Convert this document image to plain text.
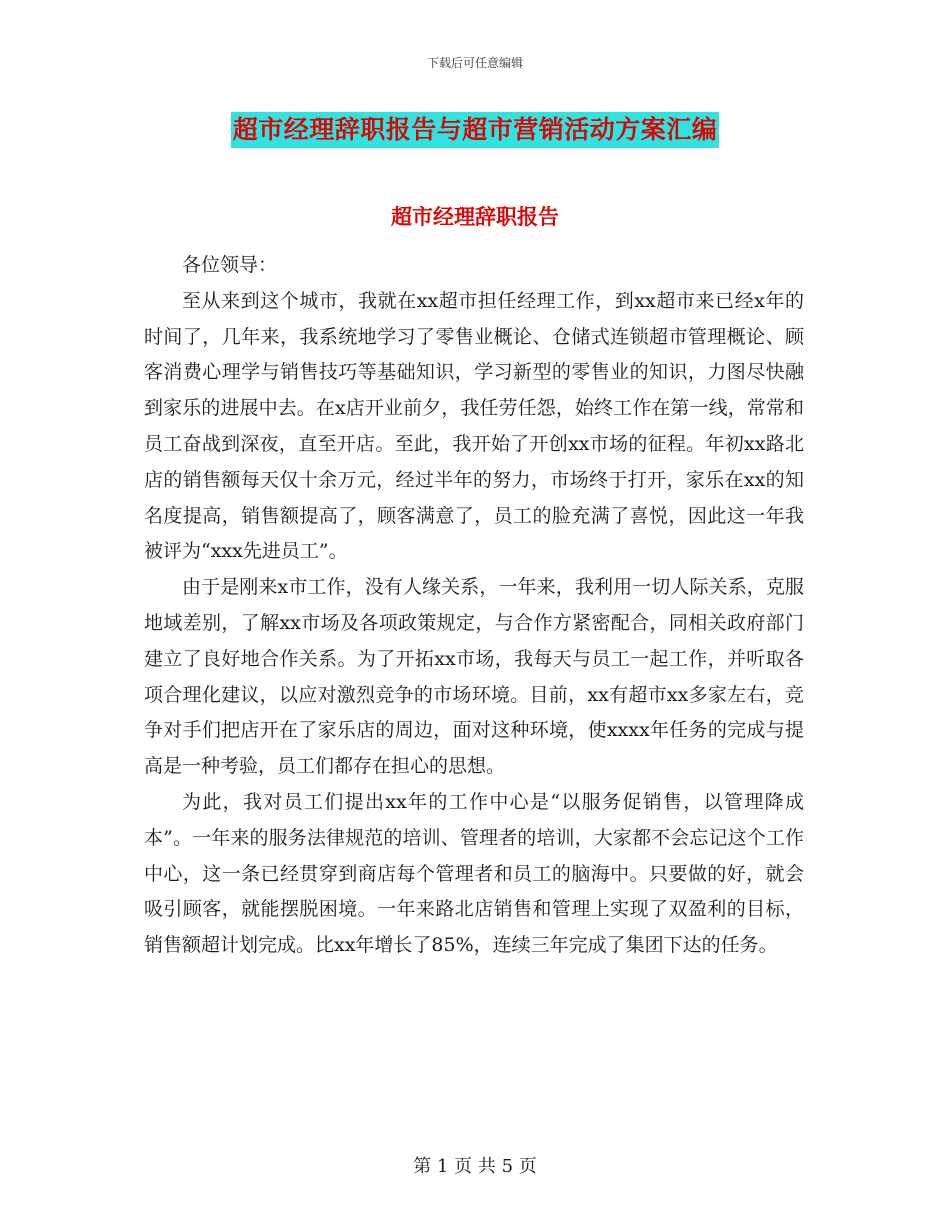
下载后可任意编辑
超市经理辞职报告与超市营销活动方案汇编
超市经理辞职报告

各位领导：

至从来到这个城市，我就在xx超市担任经理工作，到xx超市来已经x年的时间了，几年来，我系统地学习了零售业概论、仓储式连锁超市管理概论、顾客消费心理学与销售技巧等基础知识，学习新型的零售业的知识，力图尽快融到家乐的进展中去。在x店开业前夕，我任劳任怨，始终工作在第一线，常常和员工奋战到深夜，直至开店。至此，我开始了开创xx市场的征程。年初xx路北店的销售额每天仅十余万元，经过半年的努力，市场终于打开，家乐在xx的知名度提高，销售额提高了，顾客满意了，员工的脸充满了喜悦，因此这一年我被评为“xxx先进员工”。

由于是刚来x市工作，没有人缘关系，一年来，我利用一切人际关系，克服地域差别，了解xx市场及各项政策规定，与合作方紧密配合，同相关政府部门建立了良好地合作关系。为了开拓xx市场，我每天与员工一起工作，并听取各项合理化建议，以应对激烈竞争的市场环境。目前，xx有超市xx多家左右，竞争对手们把店开在了家乐店的周边，面对这种环境，使xxxx年任务的完成与提高是一种考验，员工们都存在担心的思想。

为此，我对员工们提出xx年的工作中心是“以服务促销售，以管理降成本”。一年来的服务法律规范的培训、管理者的培训，大家都不会忘记这个工作中心，这一条已经贯穿到商店每个管理者和员工的脑海中。只要做的好，就会吸引顾客，就能摆脱困境。一年来路北店销售和管理上实现了双盈利的目标，销售额超计划完成。比xx年增长了85%，连续三年完成了集团下达的任务。

第 1 页 共 5 页
